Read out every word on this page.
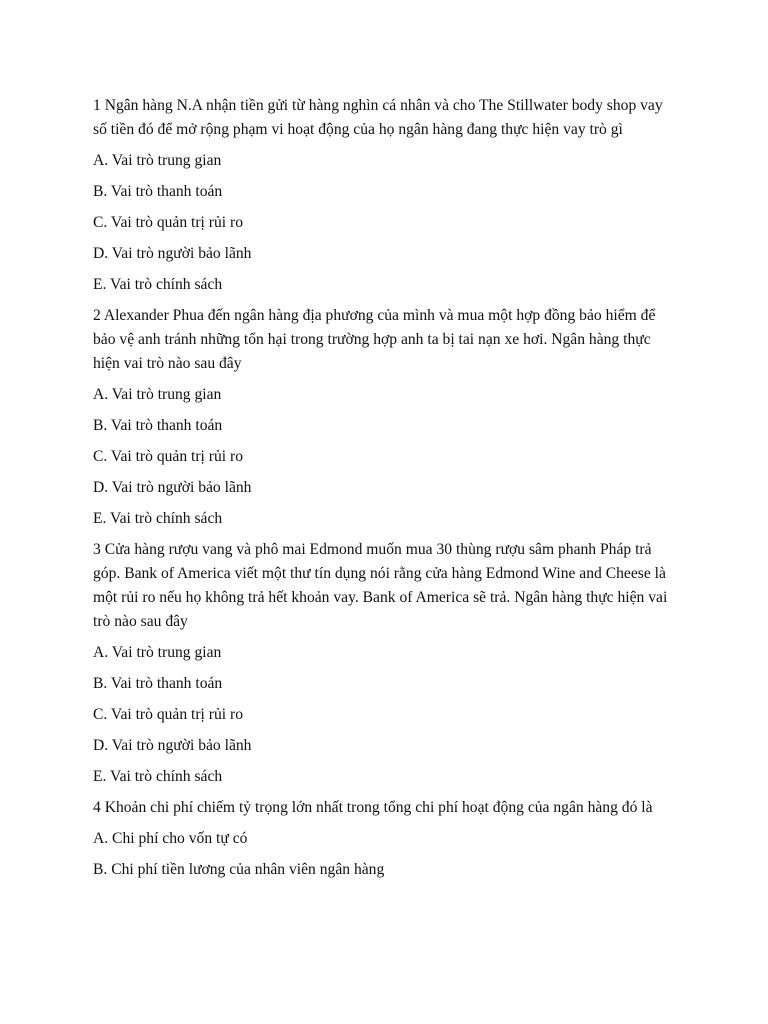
1 Ngân hàng N.A nhận tiền gửi từ hàng nghìn cá nhân và cho The Stillwater body shop vay số tiền đó để mở rộng phạm vi hoạt động của họ ngân hàng đang thực hiện vay trò gì

A. Vai trò trung gian
B. Vai trò thanh toán
C. Vai trò quản trị rủi ro
D. Vai trò người bảo lãnh
E. Vai trò chính sách

2 Alexander Phua đến ngân hàng địa phương của mình và mua một hợp đồng bảo hiểm để bảo vệ anh tránh những tổn hại trong trường hợp anh ta bị tai nạn xe hơi. Ngân hàng thực hiện vai trò nào sau đây

A. Vai trò trung gian
B. Vai trò thanh toán
C. Vai trò quản trị rủi ro
D. Vai trò người bảo lãnh
E. Vai trò chính sách

3 Cửa hàng rượu vang và phô mai Edmond muốn mua 30 thùng rượu sâm phanh Pháp trả góp. Bank of America viết một thư tín dụng nói rằng cửa hàng Edmond Wine and Cheese là một rủi ro nếu họ không trả hết khoản vay. Bank of America sẽ trả. Ngân hàng thực hiện vai trò nào sau đây

A. Vai trò trung gian
B. Vai trò thanh toán
C. Vai trò quản trị rủi ro
D. Vai trò người bảo lãnh
E. Vai trò chính sách

4 Khoản chi phí chiếm tỷ trọng lớn nhất trong tổng chi phí hoạt động của ngân hàng đó là

A. Chi phí cho vốn tự có
B. Chi phí tiền lương của nhân viên ngân hàng
